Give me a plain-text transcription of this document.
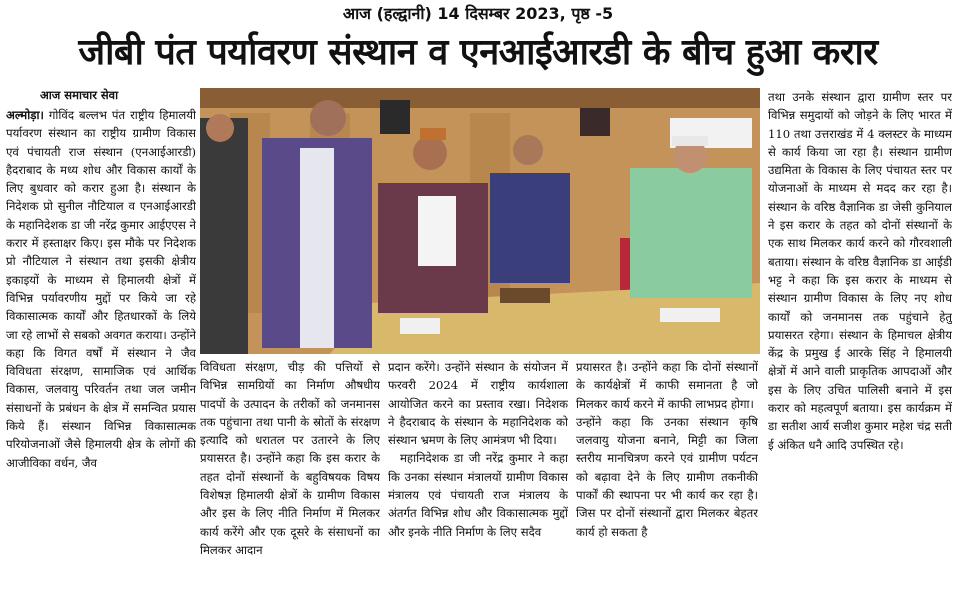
आज (हल्द्वानी) 14 दिसम्बर 2023, पृष्ठ -5
जीबी पंत पर्यावरण संस्थान व एनआईआरडी के बीच हुआ करार
आज समाचार सेवा

अल्मोड़ा। गोविंद बल्लभ पंत राष्ट्रीय हिमालयी पर्यावरण संस्थान का राष्ट्रीय ग्रामीण विकास एवं पंचायती राज संस्थान (एनआईआरडी) हैदराबाद के मध्य शोध और विकास कार्यों के लिए बुधवार को करार हुआ है। संस्थान के निदेशक प्रो सुनील नौटियाल व एनआईआरडी के महानिदेशक डा जी नरेंद्र कुमार आईएएस ने करार में हस्ताक्षर किए। इस मौके पर निदेशक प्रो नौटियाल ने संस्थान तथा इसकी क्षेत्रीय इकाइयों के माध्यम से हिमालयी क्षेत्रों में विभिन्न पर्यावरणीय मुद्दों पर किये जा रहे विकासात्मक कार्यों और हितधारकों के लिये जा रहे लाभों से सबको अवगत कराया। उन्होंने कहा कि विगत वर्षों में संस्थान ने जैव विविधता संरक्षण, सामाजिक एवं आर्थिक विकास, जलवायु परिवर्तन तथा जल जमीन संसाधनों के प्रबंधन के क्षेत्र में समन्वित प्रयास किये हैं। संस्थान विभिन्न विकासात्मक परियोजनाओं जैसे हिमालयी क्षेत्र के लोगों की आजीविका वर्धन, जैव

विविधता संरक्षण, चीड़ की पत्तियों से विभिन्न सामग्रियों का निर्माण औषधीय पादपों के उत्पादन के तरीकों को जनमानस तक पहुंचाना तथा पानी के स्रोतों के संरक्षण इत्यादि को धरातल पर उतारने के लिए प्रयासरत है। उन्होंने कहा कि इस करार के तहत दोनों संस्थानों के बहुविषयक विषय विशेषज्ञ हिमालयी क्षेत्रों के ग्रामीण विकास और इस के लिए नीति निर्माण में मिलकर कार्य करेंगे और एक दूसरे के संसाधनों का मिलकर आदान

प्रदान करेंगे। उन्होंने संस्थान के संयोजन में फरवरी 2024 में राष्ट्रीय कार्यशाला आयोजित करने का प्रस्ताव रखा। निदेशक ने हैदराबाद के संस्थान के महानिदेशक को संस्थान भ्रमण के लिए आमंत्रण भी दिया।

महानिदेशक डा जी नरेंद्र कुमार ने कहा कि उनका संस्थान मंत्रालयों ग्रामीण विकास मंत्रालय एवं पंचायती राज मंत्रालय के अंतर्गत विभिन्न शोध और विकासात्मक मुद्दों और इनके नीति निर्माण के लिए सदैव

प्रयासरत है। उन्होंने कहा कि दोनों संस्थानों के कार्यक्षेत्रों में काफी समानता है जो मिलकर कार्य करने में काफी लाभप्रद होगा।

उन्होंने कहा कि उनका संस्थान कृषि जलवायु योजना बनाने, मिट्टी का जिला स्तरीय मानचित्रण करने एवं ग्रामीण पर्यटन को बढ़ावा देने के लिए ग्रामीण तकनीकी पार्कों की स्थापना पर भी कार्य कर रहा है। जिस पर दोनों संस्थानों द्वारा मिलकर बेहतर कार्य हो सकता है

तथा उनके संस्थान द्वारा ग्रामीण स्तर पर विभिन्न समुदायों को जोड़ने के लिए भारत में 110 तथा उत्तराखंड में 4 क्लस्टर के माध्यम से कार्य किया जा रहा है। संस्थान ग्रामीण उद्यमिता के विकास के लिए पंचायत स्तर पर योजनाओं के माध्यम से मदद कर रहा है। संस्थान के वरिष्ठ वैज्ञानिक डा जेसी कुनियाल ने इस करार के तहत को दोनों संस्थानों के एक साथ मिलकर कार्य करने को गौरवशाली बताया। संस्थान के वरिष्ठ वैज्ञानिक डा आईडी भट्ट ने कहा कि इस करार के माध्यम से संस्थान ग्रामीण विकास के लिए नए शोध कार्यों को जनमानस तक पहुंचाने हेतु प्रयासरत रहेगा। संस्थान के हिमाचल क्षेत्रीय केंद्र के प्रमुख ई आरके सिंह ने हिमालयी क्षेत्रों में आने वाली प्राकृतिक आपदाओं और इस के लिए उचित पालिसी बनाने में इस करार को महत्वपूर्ण बताया। इस कार्यक्रम में डा सतीश आर्य सजीश कुमार महेश चंद्र सती ई अंकित धनै आदि उपस्थित रहे।
